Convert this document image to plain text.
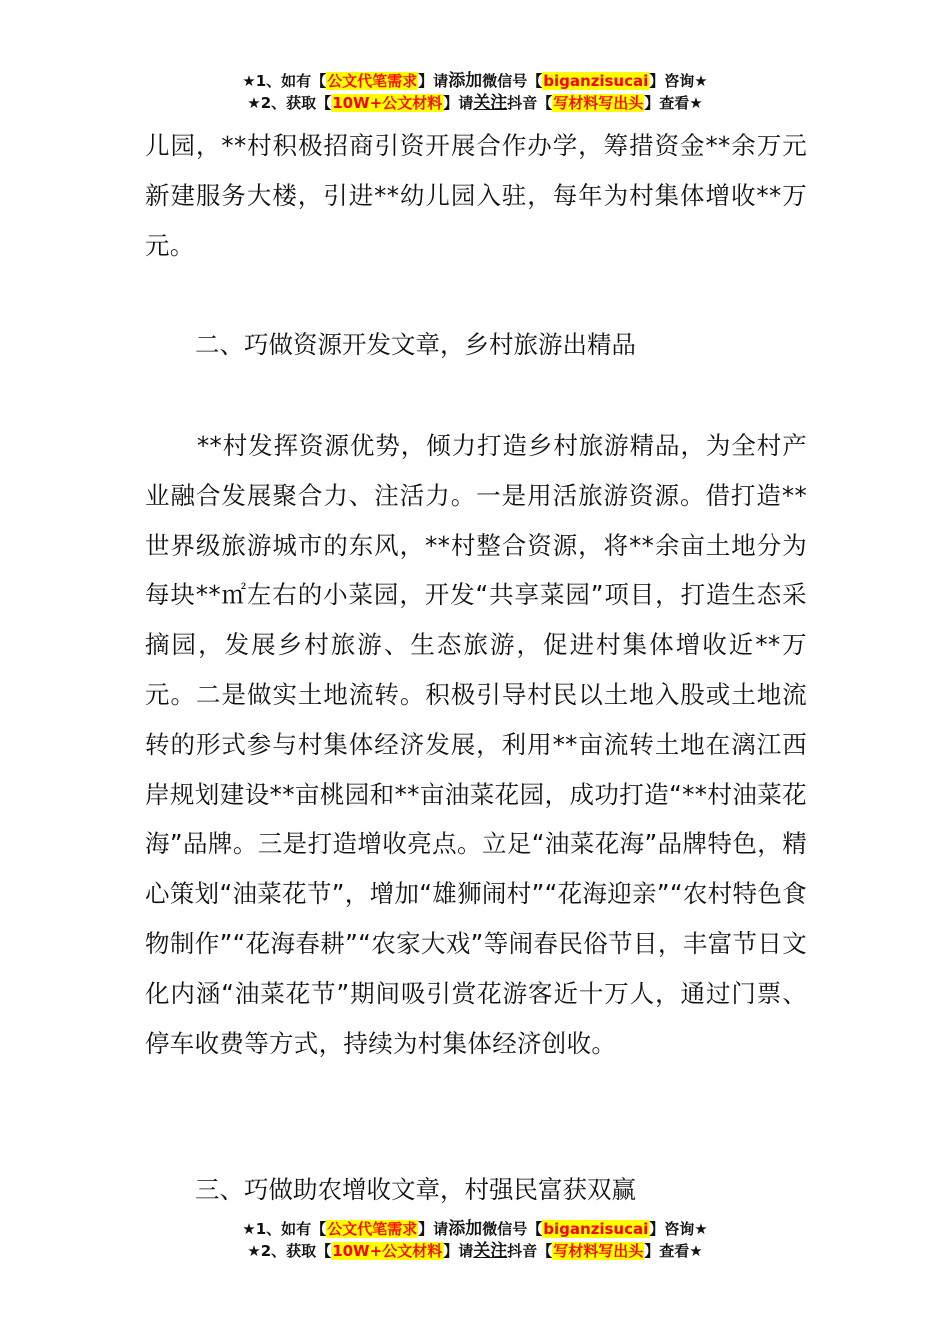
★1、如有【公文代笔需求】请添加微信号【biganzisucai】咨询★
★2、获取【10W+公文材料】请关注抖音【写材料写出头】查看★
儿园，**村积极招商引资开展合作办学，筹措资金**余万元新建服务大楼，引进**幼儿园入驻，每年为村集体增收**万元。
二、巧做资源开发文章，乡村旅游出精品
**村发挥资源优势，倾力打造乡村旅游精品，为全村产业融合发展聚合力、注活力。一是用活旅游资源。借打造**世界级旅游城市的东风，**村整合资源，将**余亩土地分为每块**㎡左右的小菜园，开发“共享菜园”项目，打造生态采摘园，发展乡村旅游、生态旅游，促进村集体增收近**万元。二是做实土地流转。积极引导村民以土地入股或土地流转的形式参与村集体经济发展，利用**亩流转土地在漓江西岸规划建设**亩桃园和**亩油菜花园，成功打造“**村油菜花海”品牌。三是打造增收亮点。立足“油菜花海”品牌特色，精心策划“油菜花节”，增加“雄狮闹村”“花海迎亲”“农村特色食物制作”“花海春耕”“农家大戏”等闹春民俗节目，丰富节日文化内涵“油菜花节”期间吸引赏花游客近十万人，通过门票、停车收费等方式，持续为村集体经济创收。
三、巧做助农增收文章，村强民富获双赢
★1、如有【公文代笔需求】请添加微信号【biganzisucai】咨询★
★2、获取【10W+公文材料】请关注抖音【写材料写出头】查看★
